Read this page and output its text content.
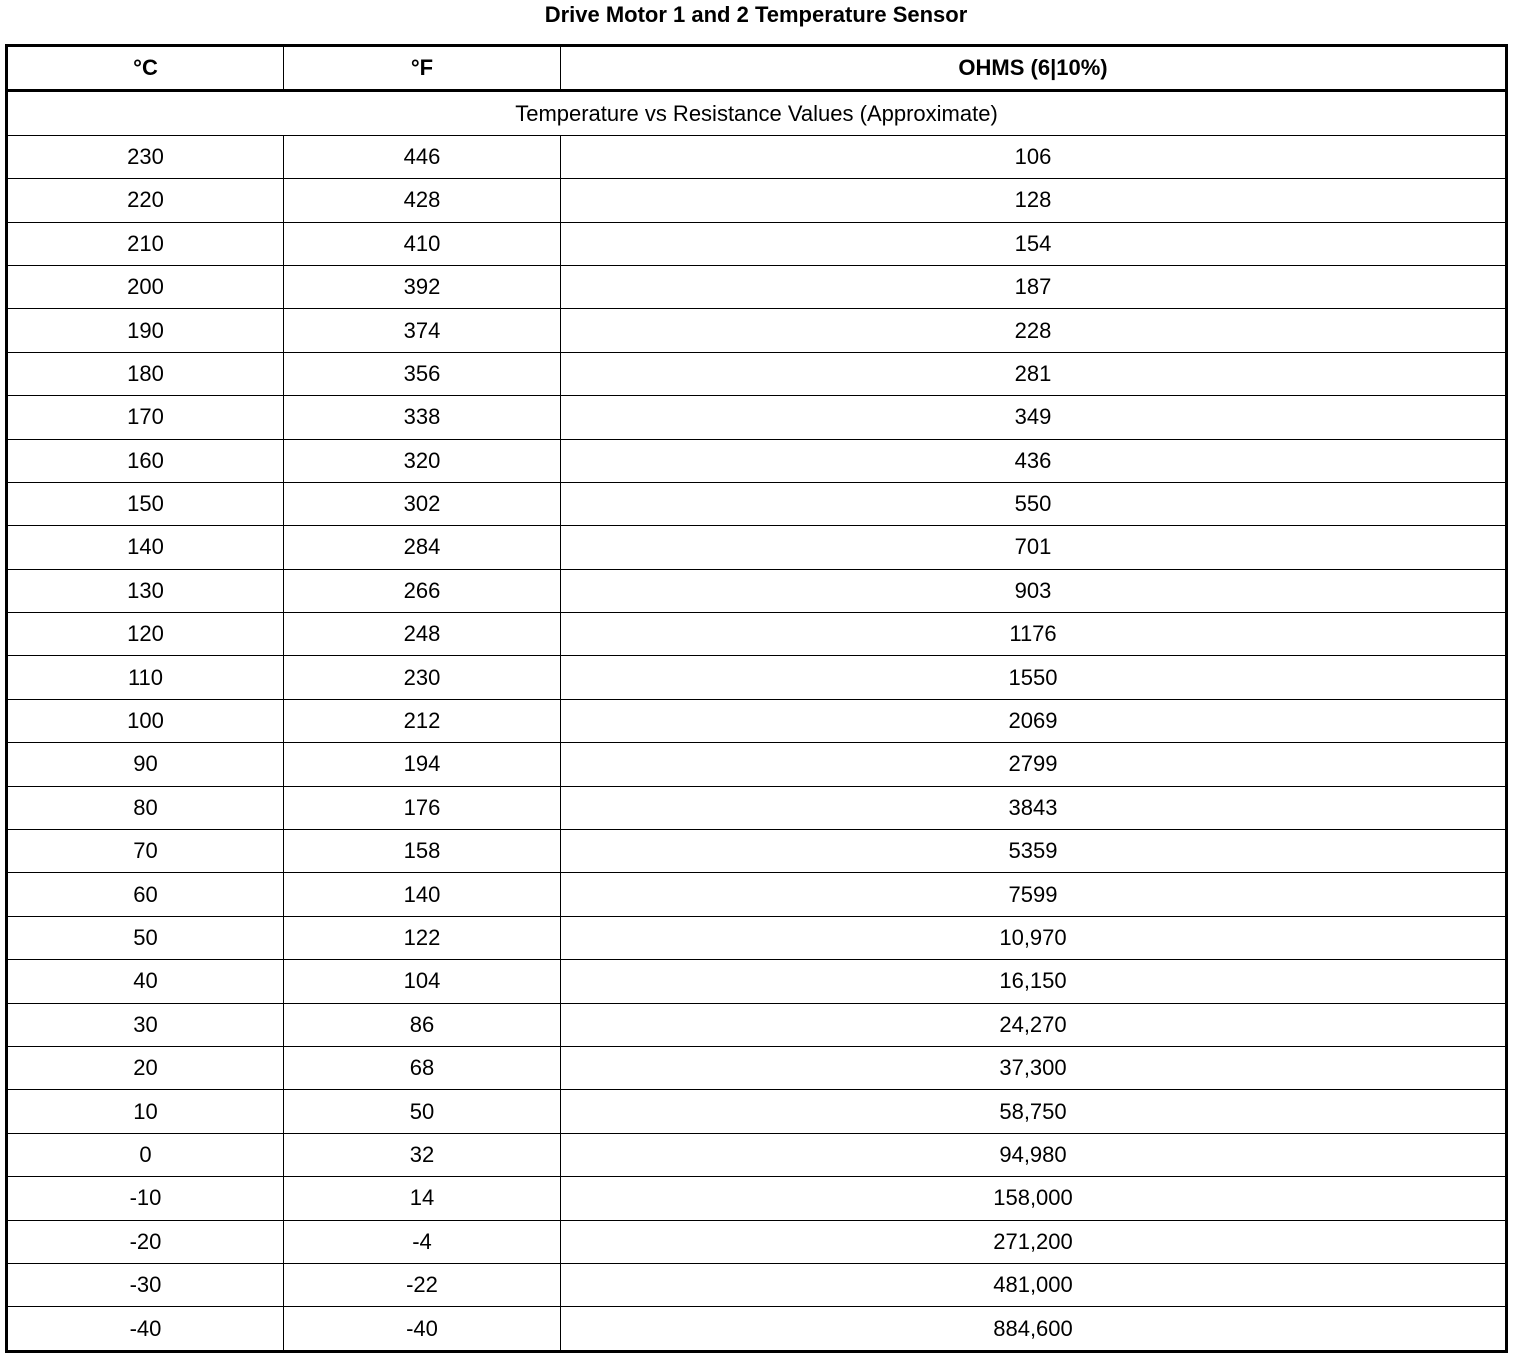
Drive Motor 1 and 2 Temperature Sensor
°C	°F	OHMS (6|10%)
Temperature vs Resistance Values (Approximate)		
230	446	106
220	428	128
210	410	154
200	392	187
190	374	228
180	356	281
170	338	349
160	320	436
150	302	550
140	284	701
130	266	903
120	248	1176
110	230	1550
100	212	2069
90	194	2799
80	176	3843
70	158	5359
60	140	7599
50	122	10,970
40	104	16,150
30	86	24,270
20	68	37,300
10	50	58,750
0	32	94,980
-10	14	158,000
-20	-4	271,200
-30	-22	481,000
-40	-40	884,600
